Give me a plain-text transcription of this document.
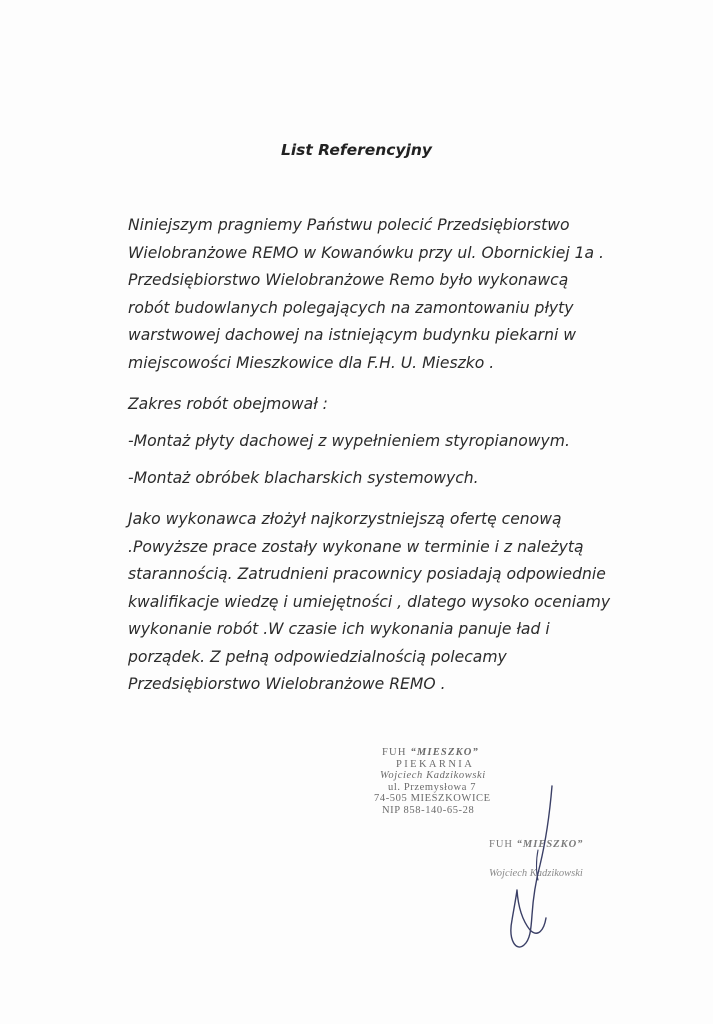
List Referencyjny
Niniejszym pragniemy Państwu polecić Przedsiębiorstwo
Wielobranżowe REMO w Kowanówku przy ul. Obornickiej 1a .
Przedsiębiorstwo Wielobranżowe Remo było wykonawcą
robót budowlanych polegających na zamontowaniu płyty
warstwowej dachowej na istniejącym budynku piekarni w
miejscowości Mieszkowice dla F.H. U. Mieszko .
Zakres robót obejmował :
-Montaż płyty dachowej z wypełnieniem styropianowym.
-Montaż obróbek blacharskich systemowych.
Jako wykonawca złożył najkorzystniejszą ofertę cenową
.Powyższe prace zostały wykonane w terminie i z należytą
starannością. Zatrudnieni pracownicy posiadają odpowiednie
kwalifikacje wiedzę i umiejętności , dlatego wysoko oceniamy
wykonanie robót .W czasie ich wykonania panuje ład i
porządek. Z pełną odpowiedzialnością polecamy
Przedsiębiorstwo Wielobranżowe REMO .
FUH “MIESZKO”
PIEKARNIA
Wojciech Kadzikowski
ul. Przemysłowa 7
74-505 MIESZKOWICE
NIP 858-140-65-28
FUH “MIESZKO”
Wojciech Kadzikowski
